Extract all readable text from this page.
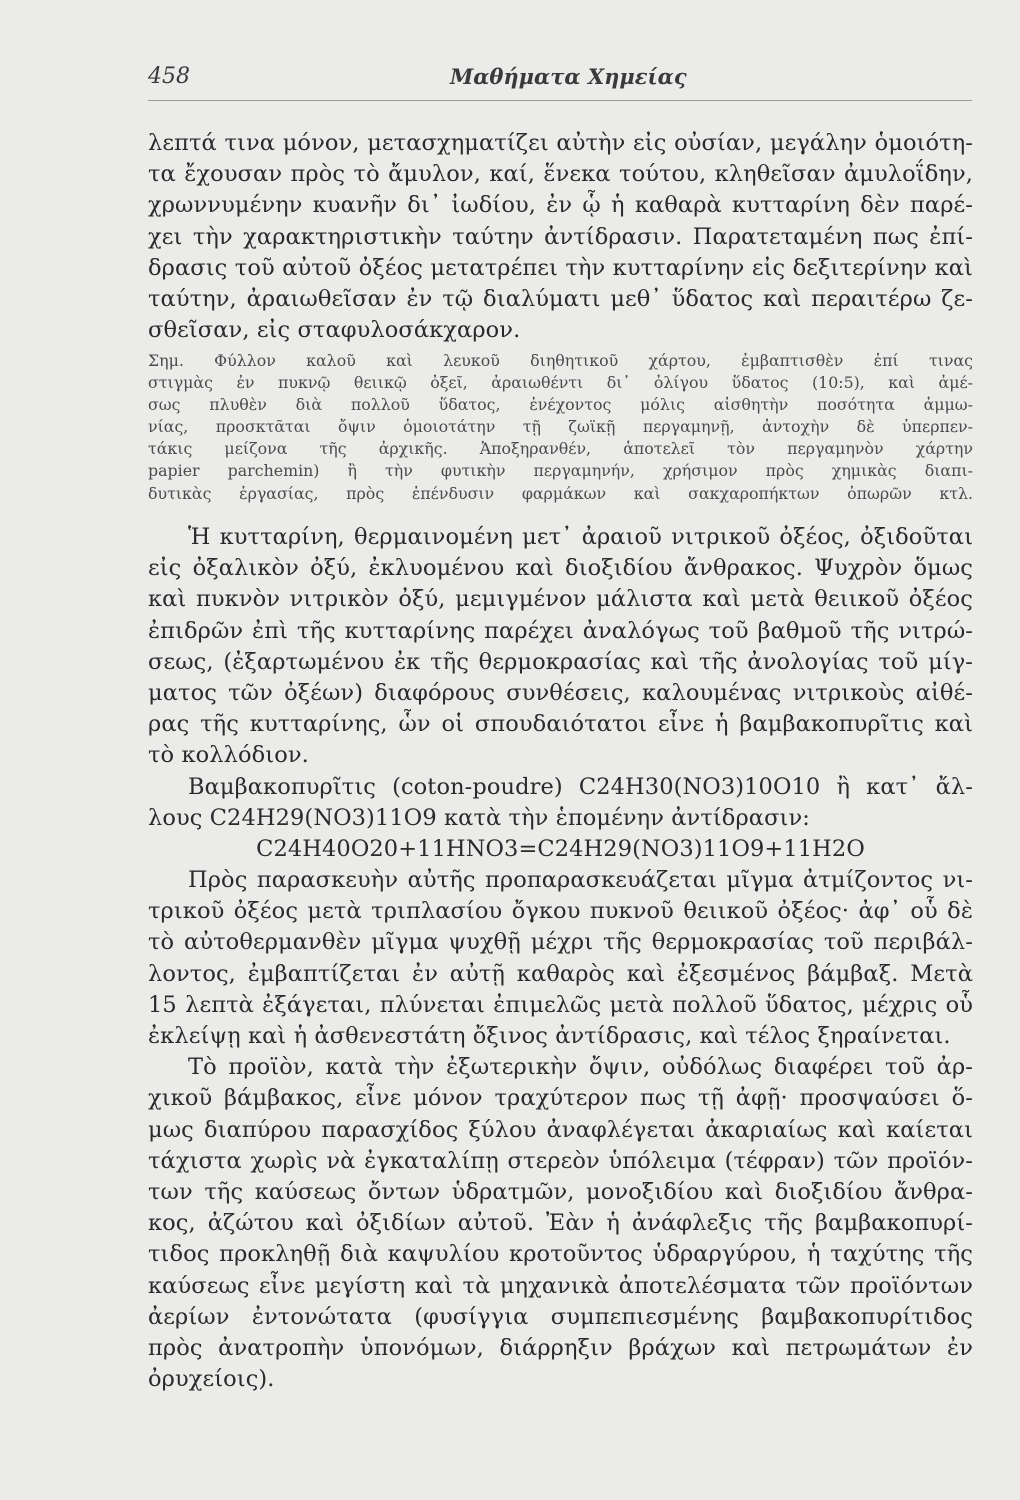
458	Μαθήματα Χημείας
λεπτά τινα μόνον, μετασχηματίζει αὐτὴν εἰς οὐσίαν, μεγάλην ὁμοιότη-
τα ἔχουσαν πρὸς τὸ ἄμυλον, καί, ἕνεκα τούτου, κληθεῖσαν ἀμυλοΐδην,
χρωννυμένην κυανῆν δι᾿ ἰωδίου, ἐν ᾧ ἡ καθαρὰ κυτταρίνη δὲν παρέ-
χει τὴν χαρακτηριστικὴν ταύτην ἀντίδρασιν. Παρατεταμένη πως ἐπί-
δρασις τοῦ αὐτοῦ ὀξέος μετατρέπει τὴν κυτταρίνην εἰς δεξιτερίνην καὶ
ταύτην, ἀραιωθεῖσαν ἐν τῷ διαλύματι μεθ᾿ ὕδατος καὶ περαιτέρω ζε-
σθεῖσαν, εἰς σταφυλοσάκχαρον.
Σημ. Φύλλον καλοῦ καὶ λευκοῦ διηθητικοῦ χάρτου, ἐμβαπτισθὲν ἐπί τινας
στιγμὰς ἐν πυκνῷ θειικῷ ὀξεῖ, ἀραιωθέντι δι᾿ ὀλίγου ὕδατος (10:5), καὶ ἀμέ-
σως πλυθὲν διὰ πολλοῦ ὕδατος, ἐνέχοντος μόλις αἰσθητὴν ποσότητα ἀμμω-
νίας, προσκτᾶται ὄψιν ὁμοιοτάτην τῇ ζωϊκῇ περγαμηνῇ, ἀντοχὴν δὲ ὑπερπεν-
τάκις μείζονα τῆς ἀρχικῆς. Ἀποξηρανθέν, ἀποτελεῖ τὸν περγαμηνὸν χάρτην
papier parchemin) ἢ τὴν φυτικὴν περγαμηνήν, χρήσιμον πρὸς χημικὰς διαπι-
δυτικὰς ἐργασίας, πρὸς ἐπένδυσιν φαρμάκων καὶ σακχαροπήκτων ὀπωρῶν κτλ.
Ἡ κυτταρίνη, θερμαινομένη μετ᾿ ἀραιοῦ νιτρικοῦ ὀξέος, ὀξιδοῦται
εἰς ὀξαλικὸν ὀξύ, ἐκλυομένου καὶ διοξιδίου ἄνθρακος. Ψυχρὸν ὅμως
καὶ πυκνὸν νιτρικὸν ὀξύ, μεμιγμένον μάλιστα καὶ μετὰ θειικοῦ ὀξέος
ἐπιδρῶν ἐπὶ τῆς κυτταρίνης παρέχει ἀναλόγως τοῦ βαθμοῦ τῆς νιτρώ-
σεως, (ἐξαρτωμένου ἐκ τῆς θερμοκρασίας καὶ τῆς ἀνολογίας τοῦ μίγ-
ματος τῶν ὀξέων) διαφόρους συνθέσεις, καλουμένας νιτρικοὺς αἰθέ-
ρας τῆς κυτταρίνης, ὧν οἱ σπουδαιότατοι εἶνε ἡ βαμβακοπυρῖτις καὶ
τὸ κολλόδιον.
Βαμβακοπυρῖτις (coton-poudre) C24H30(NO3)10O10 ἢ κατ᾿ ἄλ-
λους C24H29(NO3)11O9 κατὰ τὴν ἑπομένην ἀντίδρασιν:
C24H40O20+11HNO3=C24H29(NO3)11O9+11H2O
Πρὸς παρασκευὴν αὐτῆς προπαρασκευάζεται μῖγμα ἀτμίζοντος νι-
τρικοῦ ὀξέος μετὰ τριπλασίου ὄγκου πυκνοῦ θειικοῦ ὀξέος· ἀφ᾿ οὗ δὲ
τὸ αὐτοθερμανθὲν μῖγμα ψυχθῇ μέχρι τῆς θερμοκρασίας τοῦ περιβάλ-
λοντος, ἐμβαπτίζεται ἐν αὐτῇ καθαρὸς καὶ ἐξεσμένος βάμβαξ. Μετὰ
15 λεπτὰ ἐξάγεται, πλύνεται ἐπιμελῶς μετὰ πολλοῦ ὕδατος, μέχρις οὗ
ἐκλείψῃ καὶ ἡ ἀσθενεστάτη ὄξινος ἀντίδρασις, καὶ τέλος ξηραίνεται.
Τὸ προϊὸν, κατὰ τὴν ἐξωτερικὴν ὄψιν, οὐδόλως διαφέρει τοῦ ἀρ-
χικοῦ βάμβακος, εἶνε μόνον τραχύτερον πως τῇ ἀφῇ· προσψαύσει ὅ-
μως διαπύρου παρασχίδος ξύλου ἀναφλέγεται ἀκαριαίως καὶ καίεται
τάχιστα χωρὶς νὰ ἐγκαταλίπῃ στερεὸν ὑπόλειμα (τέφραν) τῶν προϊόν-
των τῆς καύσεως ὄντων ὑδρατμῶν, μονοξιδίου καὶ διοξιδίου ἄνθρα-
κος, ἀζώτου καὶ ὀξιδίων αὐτοῦ. Ἐὰν ἡ ἀνάφλεξις τῆς βαμβακοπυρί-
τιδος προκληθῇ διὰ καψυλίου κροτοῦντος ὑδραργύρου, ἡ ταχύτης τῆς
καύσεως εἶνε μεγίστη καὶ τὰ μηχανικὰ ἀποτελέσματα τῶν προϊόντων
ἀερίων ἐντονώτατα (φυσίγγια συμπεπιεσμένης βαμβακοπυρίτιδος
πρὸς ἀνατροπὴν ὑπονόμων, διάρρηξιν βράχων καὶ πετρωμάτων ἐν
ὀρυχείοις).
